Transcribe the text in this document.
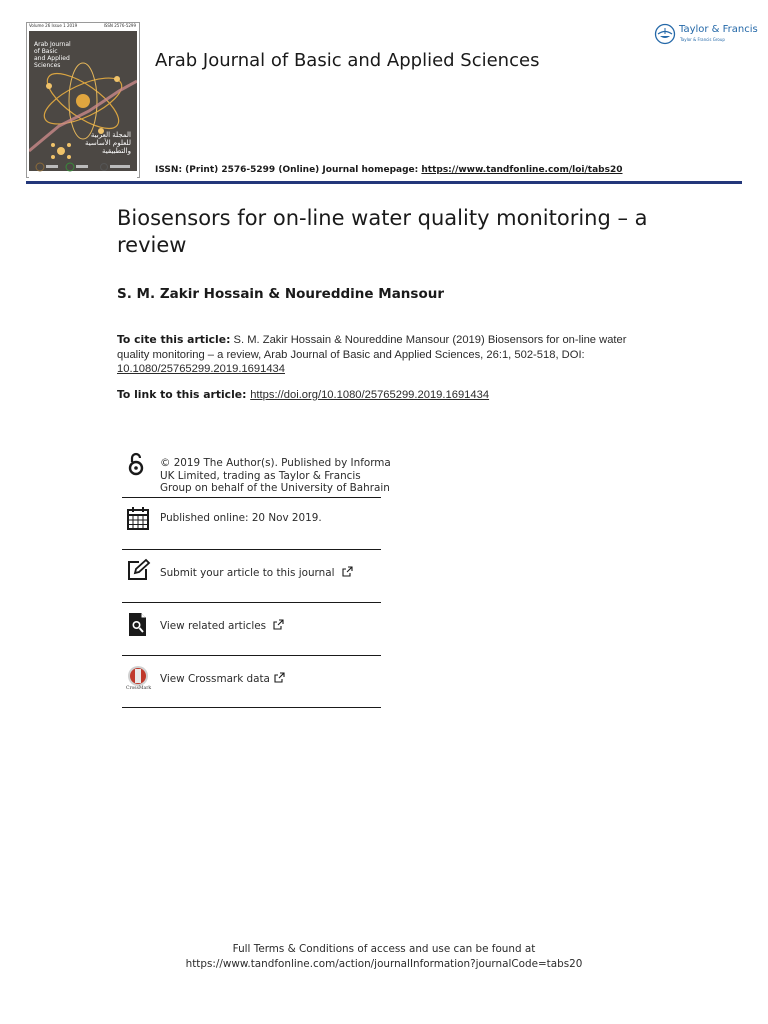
Volume 26 Issue 1 2019	ISSN 2576-5299
Arab Journal
of Basic
and Applied
Sciences
المجلة العربية
للعلوم الأساسية
والتطبيقية
Arab Journal of Basic and Applied Sciences
ISSN: (Print) 2576-5299 (Online) Journal homepage: https://www.tandfonline.com/loi/tabs20
Taylor & Francis
Taylor & Francis Group
Biosensors for on-line water quality monitoring – a review
S. M. Zakir Hossain & Noureddine Mansour
To cite this article: S. M. Zakir Hossain & Noureddine Mansour (2019) Biosensors for on-line water quality monitoring – a review, Arab Journal of Basic and Applied Sciences, 26:1, 502-518, DOI: 10.1080/25765299.2019.1691434
To link to this article: https://doi.org/10.1080/25765299.2019.1691434
© 2019 The Author(s). Published by Informa
UK Limited, trading as Taylor & Francis
Group on behalf of the University of Bahrain
Published online: 20 Nov 2019.
Submit your article to this journal
View related articles
CrossMark
View Crossmark data
Full Terms & Conditions of access and use can be found at
https://www.tandfonline.com/action/journalInformation?journalCode=tabs20
